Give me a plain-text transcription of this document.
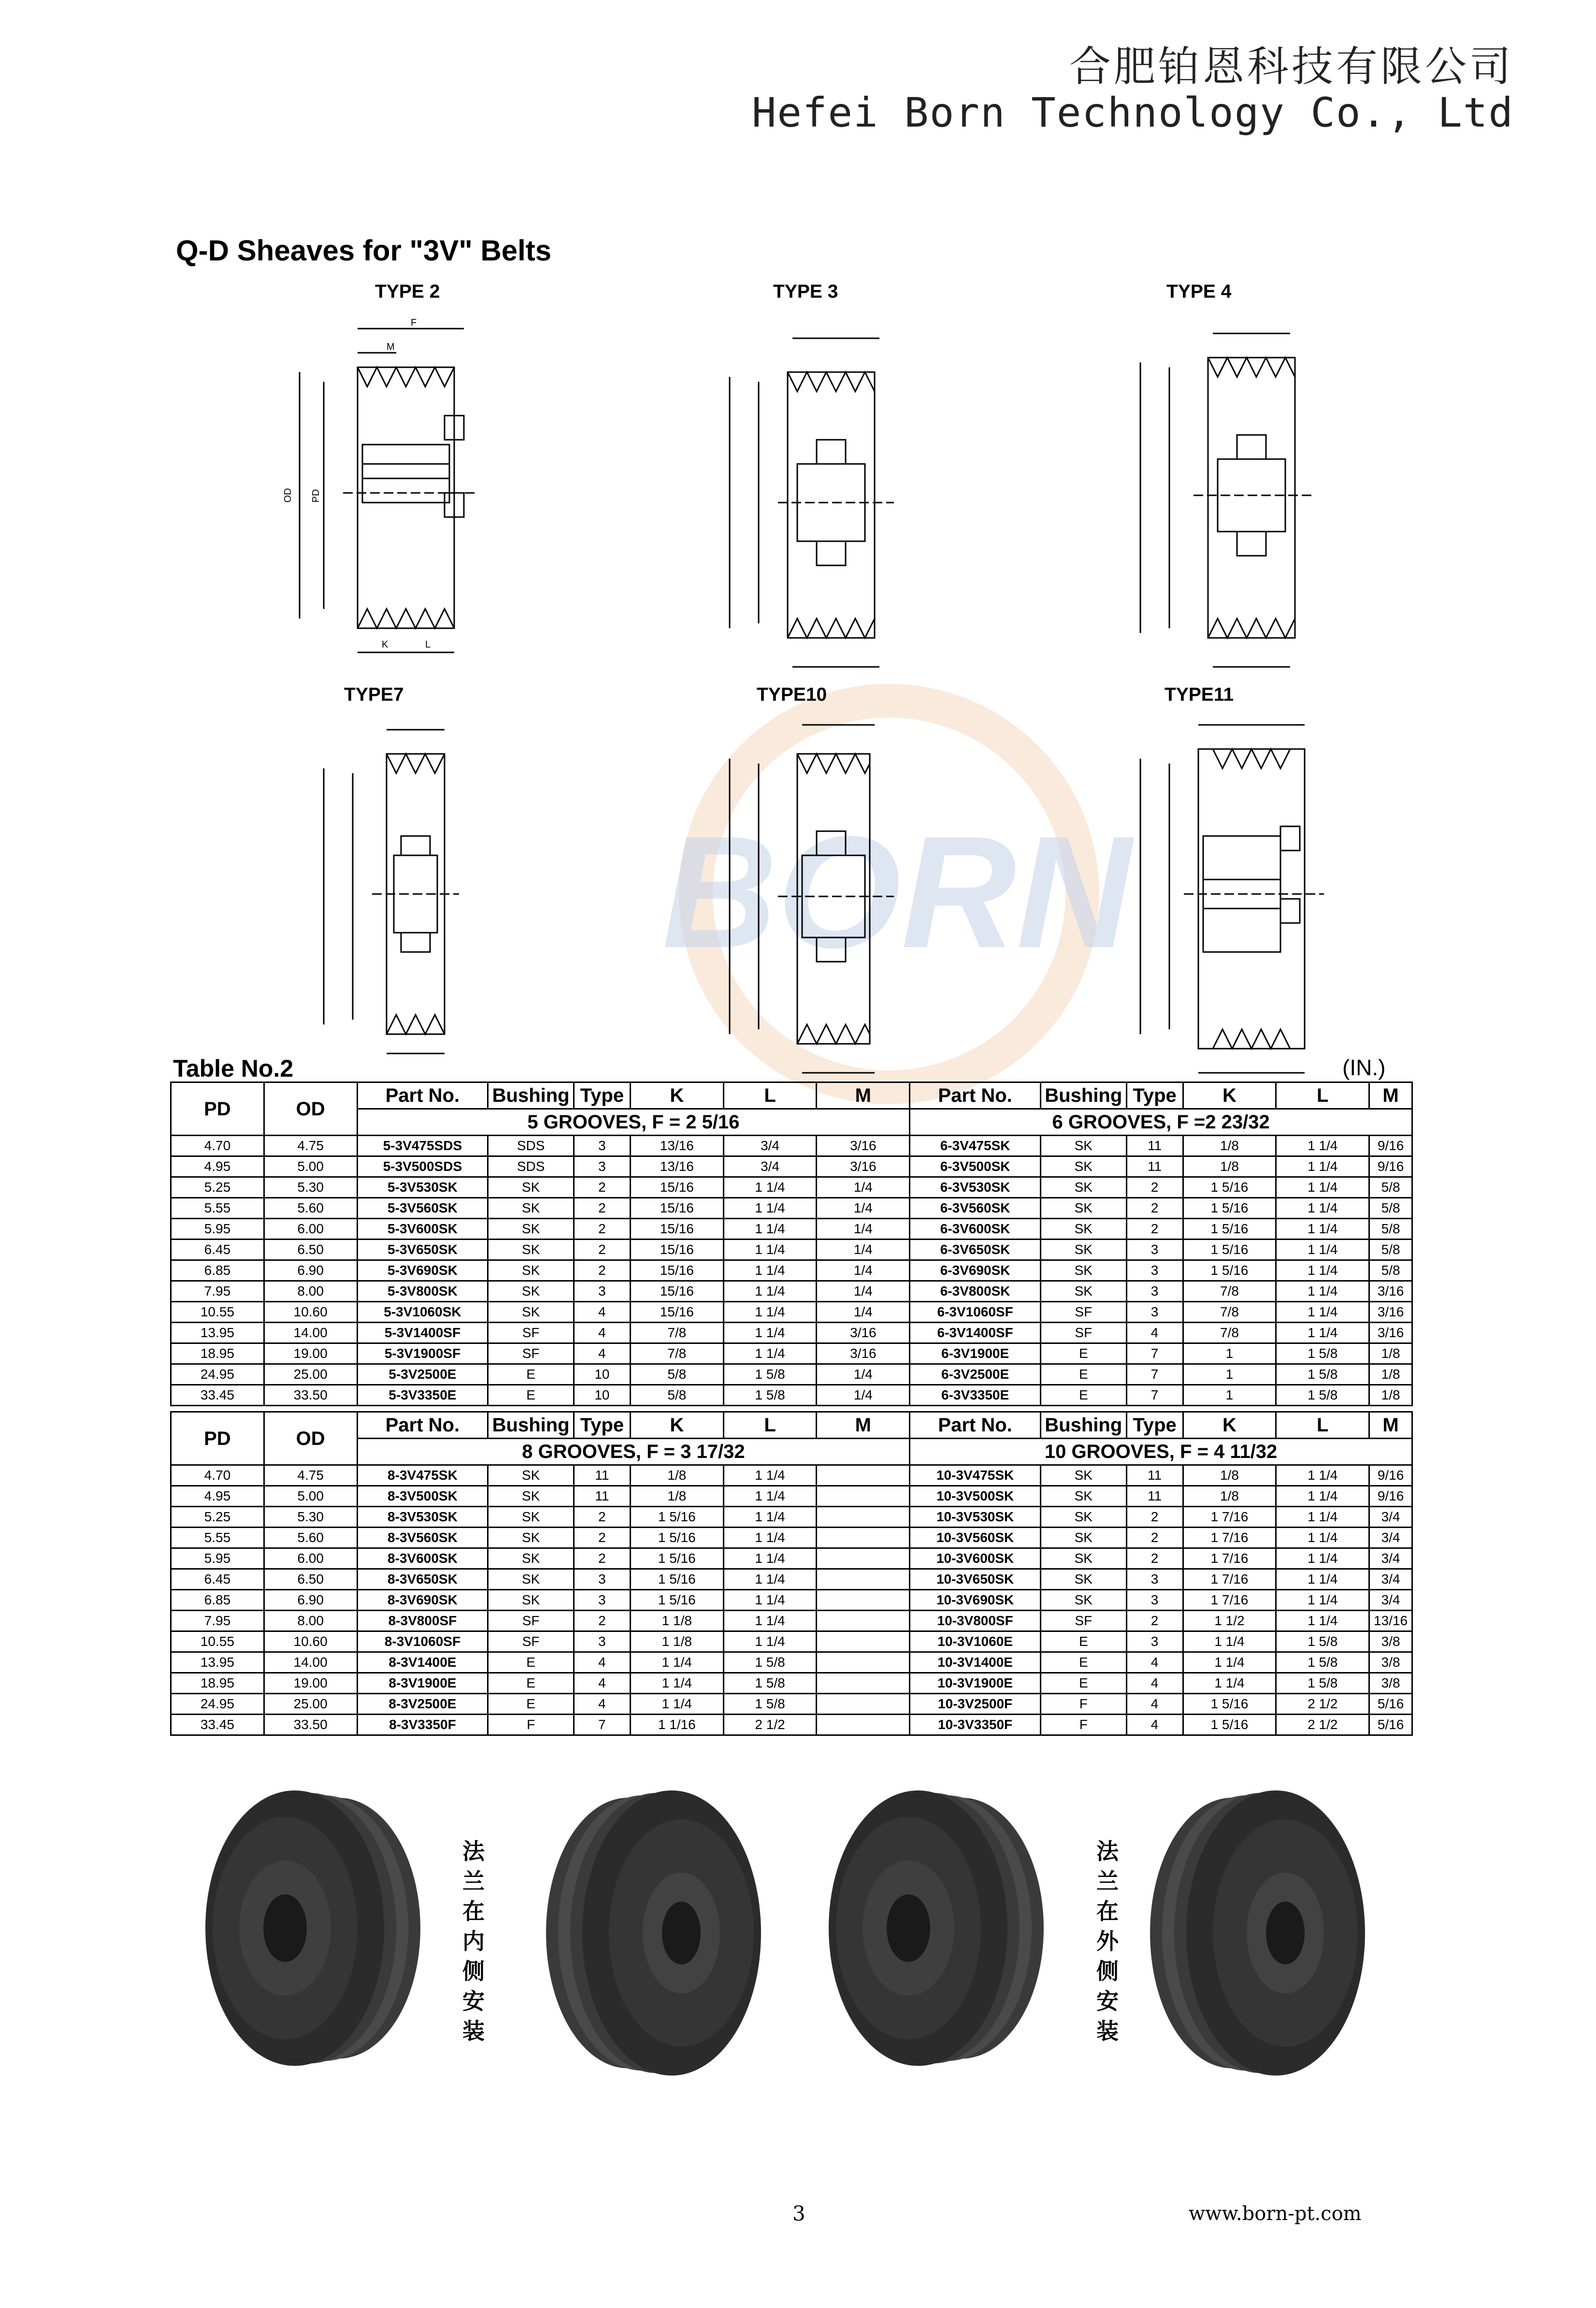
合肥铂恩科技有限公司
Hefei Born Technology Co., Ltd
BORN
Q-D Sheaves for "3V" Belts
TYPE 2	TYPE 3	TYPE 4
TYPE7	TYPE10	TYPE11
OD PD
F
M
K	L
Table No.2	(IN.)
PD	OD	Part No.	Bushing	Type	K	L	M	Part No.	Bushing	Type	K	L	M
		5 GROOVES, F = 2 5/16						6 GROOVES, F =2 23/32					
4.70	4.75	5-3V475SDS	SDS	3	13/16	3/4	3/16	6-3V475SK	SK	11	1/8	1 1/4	9/16
4.95	5.00	5-3V500SDS	SDS	3	13/16	3/4	3/16	6-3V500SK	SK	11	1/8	1 1/4	9/16
5.25	5.30	5-3V530SK	SK	2	15/16	1 1/4	1/4	6-3V530SK	SK	2	1 5/16	1 1/4	5/8
5.55	5.60	5-3V560SK	SK	2	15/16	1 1/4	1/4	6-3V560SK	SK	2	1 5/16	1 1/4	5/8
5.95	6.00	5-3V600SK	SK	2	15/16	1 1/4	1/4	6-3V600SK	SK	2	1 5/16	1 1/4	5/8
6.45	6.50	5-3V650SK	SK	2	15/16	1 1/4	1/4	6-3V650SK	SK	3	1 5/16	1 1/4	5/8
6.85	6.90	5-3V690SK	SK	2	15/16	1 1/4	1/4	6-3V690SK	SK	3	1 5/16	1 1/4	5/8
7.95	8.00	5-3V800SK	SK	3	15/16	1 1/4	1/4	6-3V800SK	SK	3	7/8	1 1/4	3/16
10.55	10.60	5-3V1060SK	SK	4	15/16	1 1/4	1/4	6-3V1060SF	SF	3	7/8	1 1/4	3/16
13.95	14.00	5-3V1400SF	SF	4	7/8	1 1/4	3/16	6-3V1400SF	SF	4	7/8	1 1/4	3/16
18.95	19.00	5-3V1900SF	SF	4	7/8	1 1/4	3/16	6-3V1900E	E	7	1	1 5/8	1/8
24.95	25.00	5-3V2500E	E	10	5/8	1 5/8	1/4	6-3V2500E	E	7	1	1 5/8	1/8
33.45	33.50	5-3V3350E	E	10	5/8	1 5/8	1/4	6-3V3350E	E	7	1	1 5/8	1/8
PD	OD	Part No.	Bushing	Type	K	L	M	Part No.	Bushing	Type	K	L	M
		8 GROOVES, F = 3 17/32						10 GROOVES, F = 4 11/32					
4.70	4.75	8-3V475SK	SK	11	1/8	1 1/4		10-3V475SK	SK	11	1/8	1 1/4	9/16
4.95	5.00	8-3V500SK	SK	11	1/8	1 1/4		10-3V500SK	SK	11	1/8	1 1/4	9/16
5.25	5.30	8-3V530SK	SK	2	1 5/16	1 1/4		10-3V530SK	SK	2	1 7/16	1 1/4	3/4
5.55	5.60	8-3V560SK	SK	2	1 5/16	1 1/4		10-3V560SK	SK	2	1 7/16	1 1/4	3/4
5.95	6.00	8-3V600SK	SK	2	1 5/16	1 1/4		10-3V600SK	SK	2	1 7/16	1 1/4	3/4
6.45	6.50	8-3V650SK	SK	3	1 5/16	1 1/4		10-3V650SK	SK	3	1 7/16	1 1/4	3/4
6.85	6.90	8-3V690SK	SK	3	1 5/16	1 1/4		10-3V690SK	SK	3	1 7/16	1 1/4	3/4
7.95	8.00	8-3V800SF	SF	2	1 1/8	1 1/4		10-3V800SF	SF	2	1 1/2	1 1/4	13/16
10.55	10.60	8-3V1060SF	SF	3	1 1/8	1 1/4		10-3V1060E	E	3	1 1/4	1 5/8	3/8
13.95	14.00	8-3V1400E	E	4	1 1/4	1 5/8		10-3V1400E	E	4	1 1/4	1 5/8	3/8
18.95	19.00	8-3V1900E	E	4	1 1/4	1 5/8		10-3V1900E	E	4	1 1/4	1 5/8	3/8
24.95	25.00	8-3V2500E	E	4	1 1/4	1 5/8		10-3V2500F	F	4	1 5/16	2 1/2	5/16
33.45	33.50	8-3V3350F	F	7	1 1/16	2 1/2		10-3V3350F	F	4	1 5/16	2 1/2	5/16
法兰在内侧安装
法兰在外侧安装
3	www.born-pt.com
